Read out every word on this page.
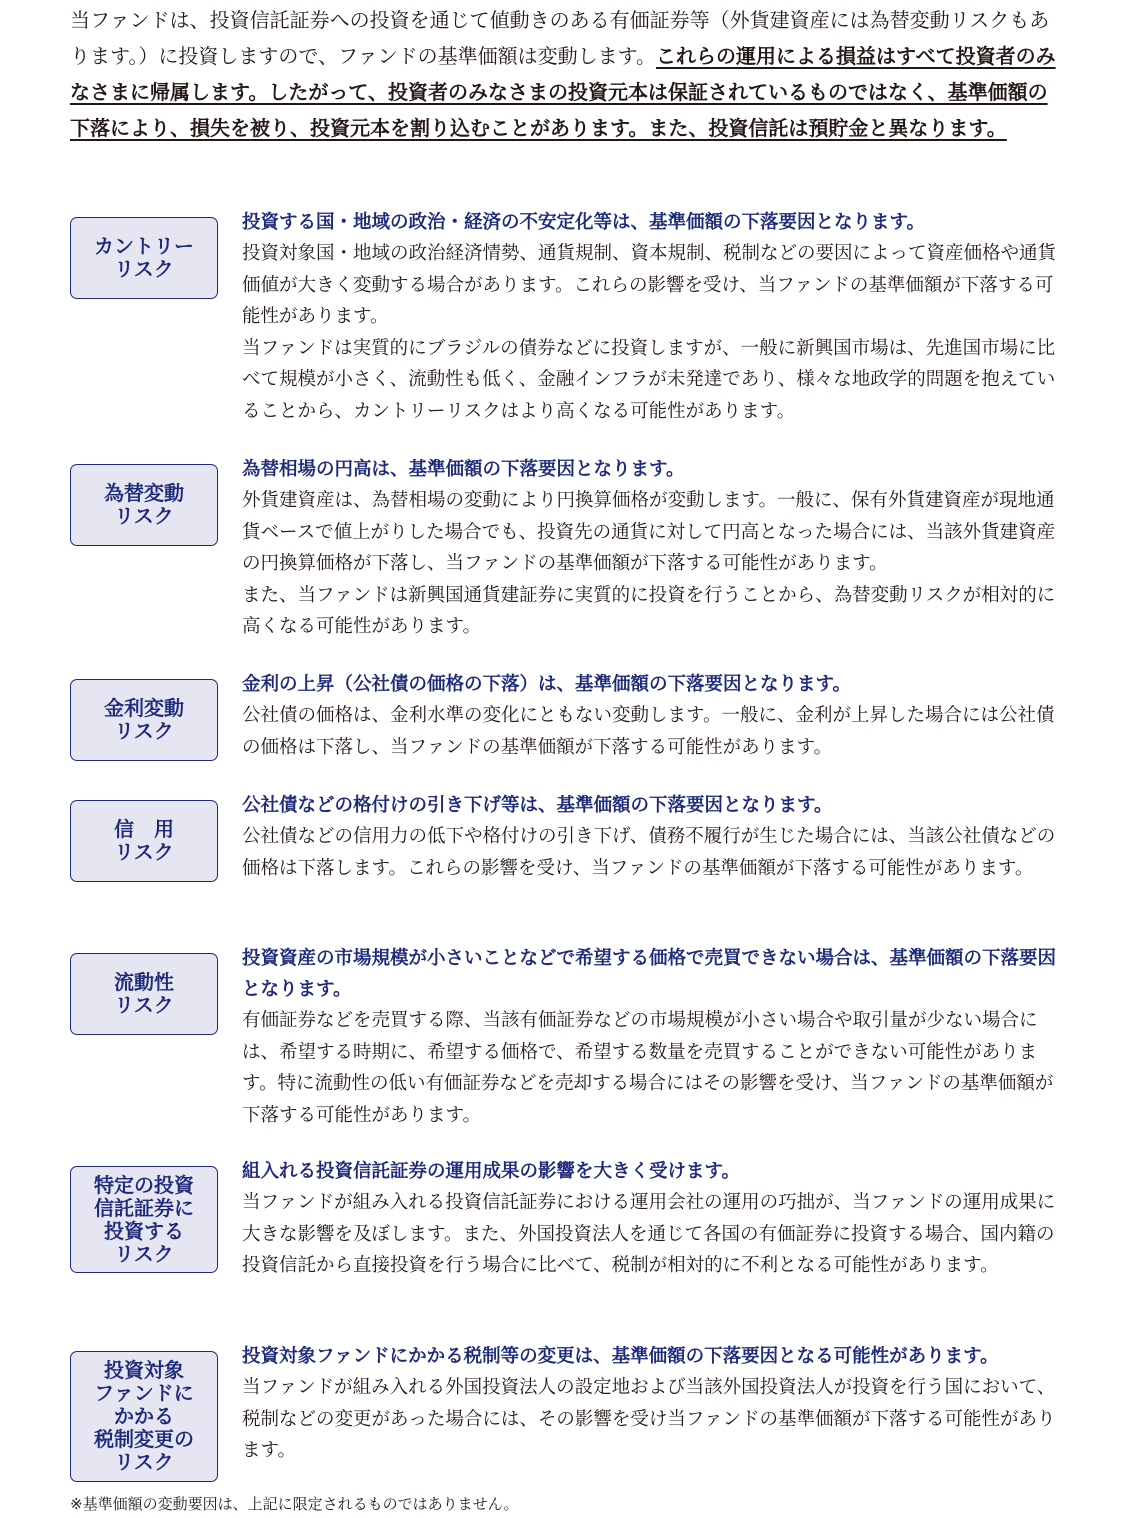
当ファンドは、投資信託証券への投資を通じて値動きのある有価証券等（外貨建資産には為替変動リスクもあります。）に投資しますので、ファンドの基準価額は変動します。これらの運用による損益はすべて投資者のみなさまに帰属します。したがって、投資者のみなさまの投資元本は保証されているものではなく、基準価額の下落により、損失を被り、投資元本を割り込むことがあります。また、投資信託は預貯金と異なります。
カントリー
リスク

投資する国・地域の政治・経済の不安定化等は、基準価額の下落要因となります。

投資対象国・地域の政治経済情勢、通貨規制、資本規制、税制などの要因によって資産価格や通貨価値が大きく変動する場合があります。これらの影響を受け、当ファンドの基準価額が下落する可能性があります。

当ファンドは実質的にブラジルの債券などに投資しますが、一般に新興国市場は、先進国市場に比べて規模が小さく、流動性も低く、金融インフラが未発達であり、様々な地政学的問題を抱えていることから、カントリーリスクはより高くなる可能性があります。

為替変動
リスク

為替相場の円高は、基準価額の下落要因となります。

外貨建資産は、為替相場の変動により円換算価格が変動します。一般に、保有外貨建資産が現地通貨ベースで値上がりした場合でも、投資先の通貨に対して円高となった場合には、当該外貨建資産の円換算価格が下落し、当ファンドの基準価額が下落する可能性があります。

また、当ファンドは新興国通貨建証券に実質的に投資を行うことから、為替変動リスクが相対的に高くなる可能性があります。

金利変動
リスク

金利の上昇（公社債の価格の下落）は、基準価額の下落要因となります。

公社債の価格は、金利水準の変化にともない変動します。一般に、金利が上昇した場合には公社債の価格は下落し、当ファンドの基準価額が下落する可能性があります。

信　用
リスク

公社債などの格付けの引き下げ等は、基準価額の下落要因となります。

公社債などの信用力の低下や格付けの引き下げ、債務不履行が生じた場合には、当該公社債などの価格は下落します。これらの影響を受け、当ファンドの基準価額が下落する可能性があります。

流動性
リスク

投資資産の市場規模が小さいことなどで希望する価格で売買できない場合は、基準価額の下落要因となります。

有価証券などを売買する際、当該有価証券などの市場規模が小さい場合や取引量が少ない場合には、希望する時期に、希望する価格で、希望する数量を売買することができない可能性があります。特に流動性の低い有価証券などを売却する場合にはその影響を受け、当ファンドの基準価額が下落する可能性があります。

特定の投資
信託証券に
投資する
リスク

組入れる投資信託証券の運用成果の影響を大きく受けます。

当ファンドが組み入れる投資信託証券における運用会社の運用の巧拙が、当ファンドの運用成果に大きな影響を及ぼします。また、外国投資法人を通じて各国の有価証券に投資する場合、国内籍の投資信託から直接投資を行う場合に比べて、税制が相対的に不利となる可能性があります。

投資対象
ファンドに
かかる
税制変更の
リスク

投資対象ファンドにかかる税制等の変更は、基準価額の下落要因となる可能性があります。

当ファンドが組み入れる外国投資法人の設定地および当該外国投資法人が投資を行う国において、税制などの変更があった場合には、その影響を受け当ファンドの基準価額が下落する可能性があります。

※基準価額の変動要因は、上記に限定されるものではありません。
